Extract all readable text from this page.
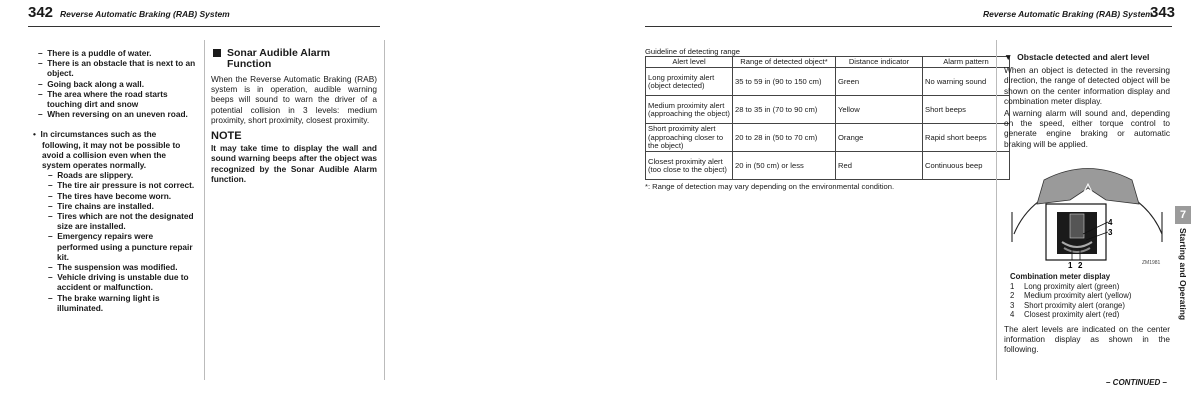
342 Reverse Automatic Braking (RAB) System

–  There is a puddle of water.

–  There is an obstacle that is next to an object.

–  Going back along a wall.

–  The area where the road starts touching dirt and snow

–  When reversing on an uneven road.

•  In circumstances such as the following, it may not be possible to avoid a collision even when the system operates normally.

–  Roads are slippery.

–  The tire air pressure is not correct.

–  The tires have become worn.

–  Tire chains are installed.

–  Tires which are not the designated size are installed.

–  Emergency repairs were performed using a puncture repair kit.

–  The suspension was modified.

–  Vehicle driving is unstable due to accident or malfunction.

–  The brake warning light is illuminated.

Sonar Audible Alarm Function

When the Reverse Automatic Braking (RAB) system is in operation, audible warning beeps will sound to warn the driver of a potential collision in 3 levels: medium proximity, short proximity, closest proximity.

NOTE

It may take time to display the wall and sound warning beeps after the object was recognized by the Sonar Audible Alarm function.

Reverse Automatic Braking (RAB) System
343
Guideline of detecting range
Alert level	Range of detected object*	Distance indicator	Alarm pattern
Long proximity alert (object detected)	35 to 59 in (90 to 150 cm)	Green	No warning sound
Medium proximity alert (approaching the object)	28 to 35 in (70 to 90 cm)	Yellow	Short beeps
Short proximity alert (approaching closer to the object)	20 to 28 in (50 to 70 cm)	Orange	Rapid short beeps
Closest proximity alert (too close to the object)	20 in (50 cm) or less	Red	Continuous beep
*: Range of detection may vary depending on the environmental condition.
▼  Obstacle detected and alert level

When an object is detected in the reversing direction, the range of detected object will be shown on the center information display and combination meter display.

A warning alarm will sound and, depending on the speed, either torque control to generate engine braking or automatic braking will be applied.

4
3
1 2	ZM1981
Combination meter display
1	Long proximity alert (green)
2	Medium proximity alert (yellow)
3	Short proximity alert (orange)
4	Closest proximity alert (red)

The alert levels are indicated on the center information display as shown in the following.

– CONTINUED –
7
Starting and Operating
